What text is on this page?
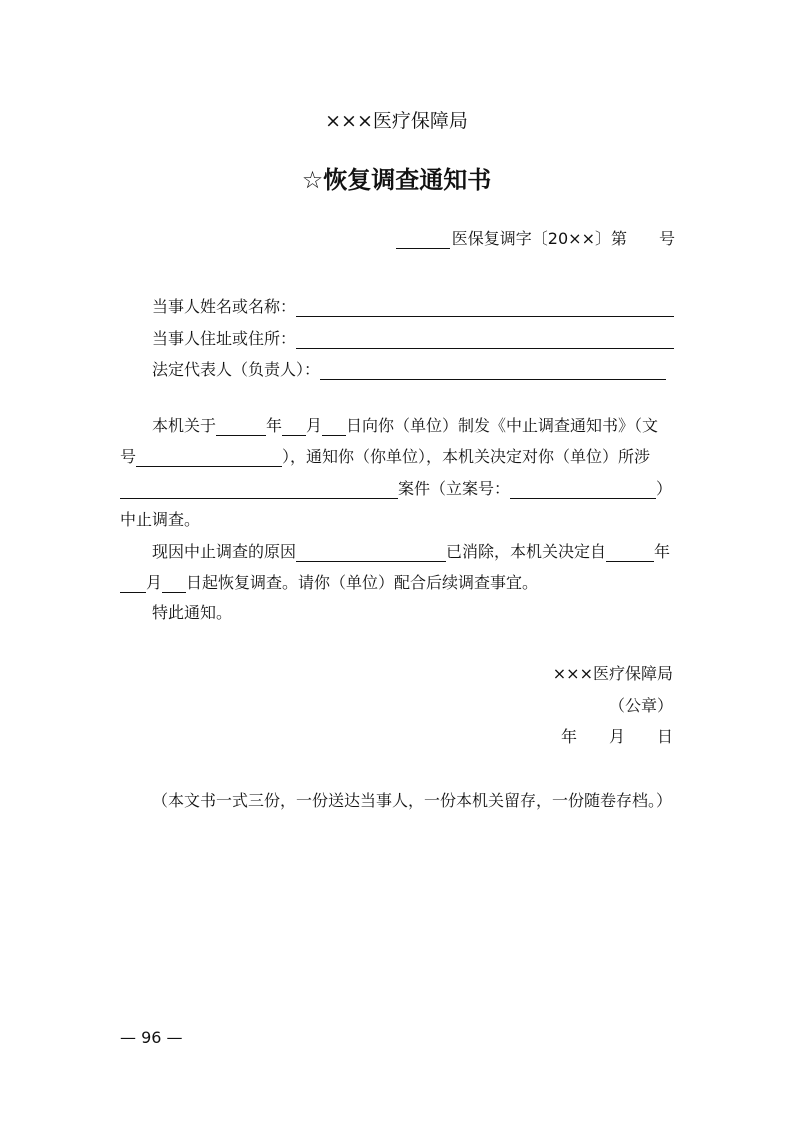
×××医疗保障局
☆恢复调查通知书
医保复调字〔20××〕第 号
当事人姓名或名称：
当事人住址或住所：
法定代表人（负责人）：
本机关于	年 月 日向你（单位）制发《中止调查通知书》（文
号	），通知你（你单位），本机关决定对你（单位）所涉
案件（立案号：	）
中止调查。
现因中止调查的原因	已消除，本机关决定自	年
月 日起恢复调查。请你（单位）配合后续调查事宜。
特此通知。
×××医疗保障局
（公章）
年　　月　　日
（本文书一式三份，一份送达当事人，一份本机关留存，一份随卷存档。）
— 96 —
